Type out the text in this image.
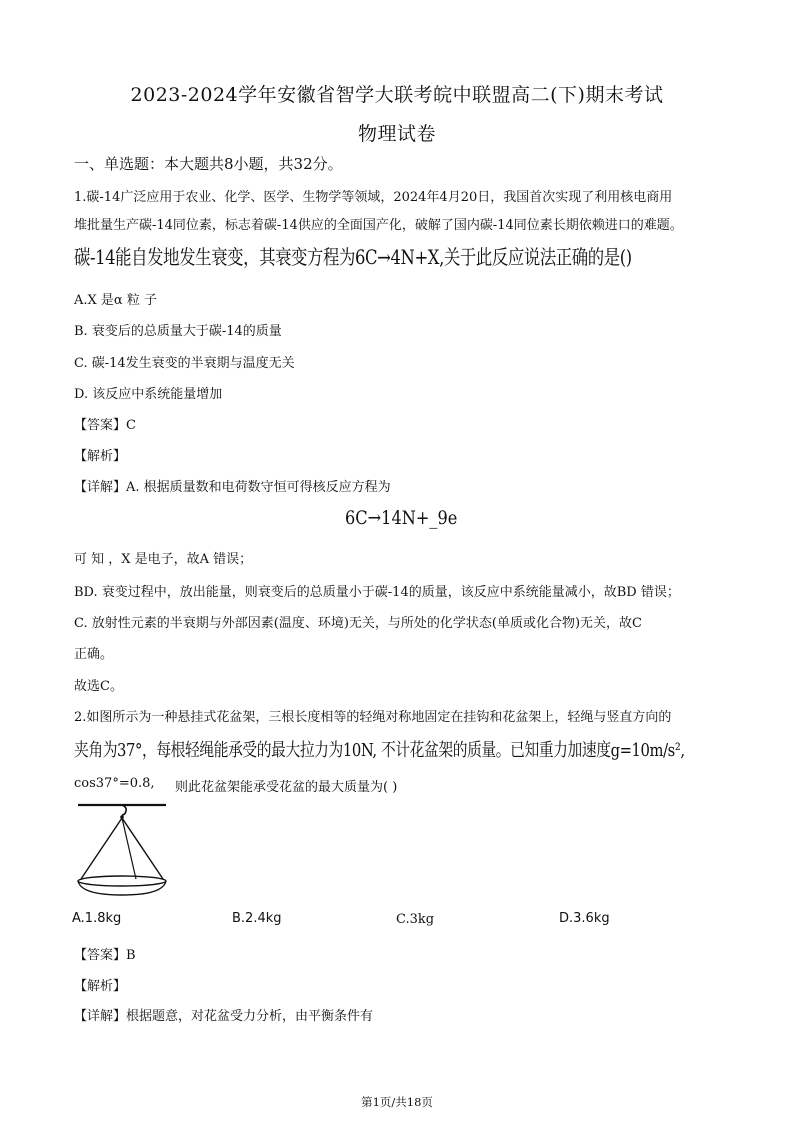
2023-2024学年安徽省智学大联考皖中联盟高二(下)期末考试
物理试卷
一、单选题：本大题共8小题，共32分。
1.碳-14广泛应用于农业、化学、医学、生物学等领域，2024年4月20日，我国首次实现了利用核电商用
堆批量生产碳-14同位素，标志着碳-14供应的全面国产化，破解了国内碳-14同位素长期依赖进口的难题。
碳-14能自发地发生衰变，其衰变方程为6C→4N+X,关于此反应说法正确的是()
A.X 是α 粒 子
B. 衰变后的总质量大于碳-14的质量
C. 碳-14发生衰变的半衰期与温度无关
D. 该反应中系统能量增加
【答案】C
【解析】
【详解】A. 根据质量数和电荷数守恒可得核反应方程为
6C→14N+_9e
可 知 ，X 是电子，故A 错误；
BD. 衰变过程中，放出能量，则衰变后的总质量小于碳-14的质量，该反应中系统能量减小，故BD 错误；
C. 放射性元素的半衰期与外部因素(温度、环境)无关，与所处的化学状态(单质或化合物)无关，故C
正确。
故选C。
2.如图所示为一种悬挂式花盆架，三根长度相等的轻绳对称地固定在挂钩和花盆架上，轻绳与竖直方向的
夹角为37°，每根轻绳能承受的最大拉力为10N, 不计花盆架的质量。已知重力加速度g=10m/s²,
cos37°=0.8, 则此花盆架能承受花盆的最大质量为( )
A.1.8kg	B.2.4kg	C.3kg	D.3.6kg
【答案】B
【解析】
【详解】根据题意，对花盆受力分析，由平衡条件有
第1页/共18页
